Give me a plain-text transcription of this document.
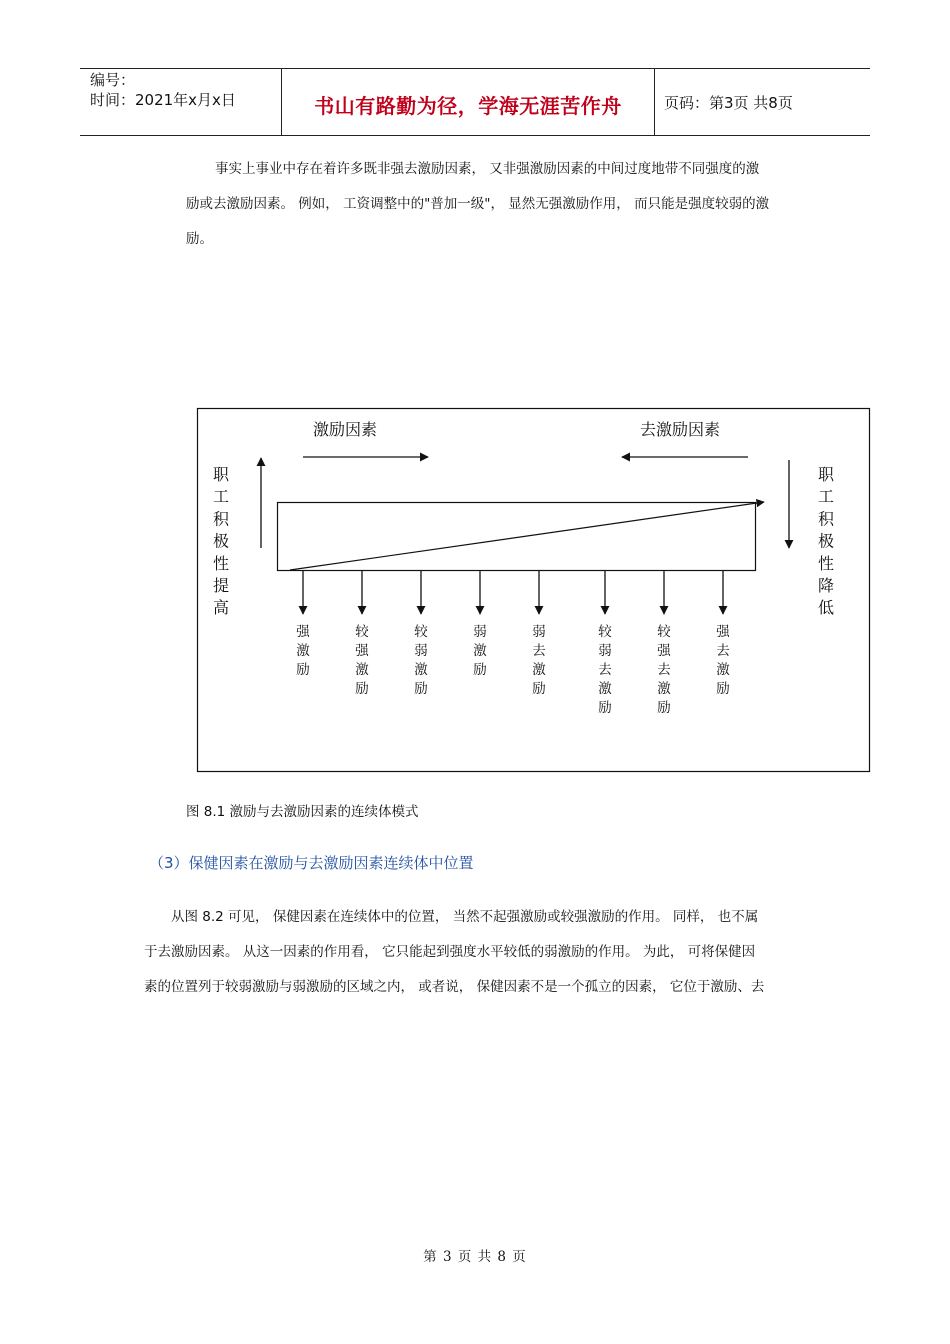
编号：
时间：2021年x月x日	书山有路勤为径，学海无涯苦作舟	页码：第3页 共8页
事实上事业中存在着许多既非强去激励因素， 又非强激励因素的中间过度地带不同强度的激
励或去激励因素。 例如， 工资调整中的"普加一级"， 显然无强激励作用， 而只能是强度较弱的激
励。
激励因素	去激励因素
职
工
积
极
性
提
高
职
工
积
极
性
降
低
强
激
励
较
强
激
励
较
弱
激
励
弱
激
励
弱
去
激
励
较
弱
去
激
励
较
强
去
激
励
强
去
激
励
图 8.1 激励与去激励因素的连续体模式
（3）保健因素在激励与去激励因素连续体中位置
从图 8.2 可见， 保健因素在连续体中的位置， 当然不起强激励或较强激励的作用。 同样， 也不属
于去激励因素。 从这一因素的作用看， 它只能起到强度水平较低的弱激励的作用。 为此， 可将保健因
素的位置列于较弱激励与弱激励的区域之内， 或者说， 保健因素不是一个孤立的因素， 它位于激励、去
第 3 页 共 8 页
